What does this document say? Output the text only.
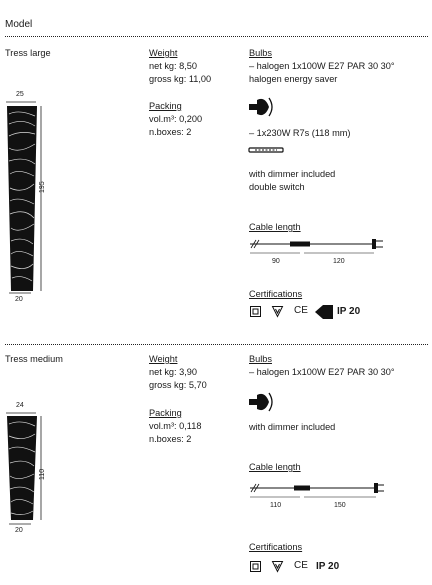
Model
Tress large
25
195
20
Weight
net kg: 8,50
gross kg: 11,00
Packing
vol.m³: 0,200
n.boxes: 2
Bulbs
– halogen 1x100W E27 PAR 30 30°
halogen energy saver
– 1x230W R7s (118 mm)
with dimmer included
double switch
Cable length
90	120
Certifications
CE	IP 20
Tress medium
24
110
20
Weight
net kg: 3,90
gross kg: 5,70
Packing
vol.m³: 0,118
n.boxes: 2
Bulbs
– halogen 1x100W E27 PAR 30 30°
with dimmer included
Cable length
110	150
Certifications
CE IP 20
